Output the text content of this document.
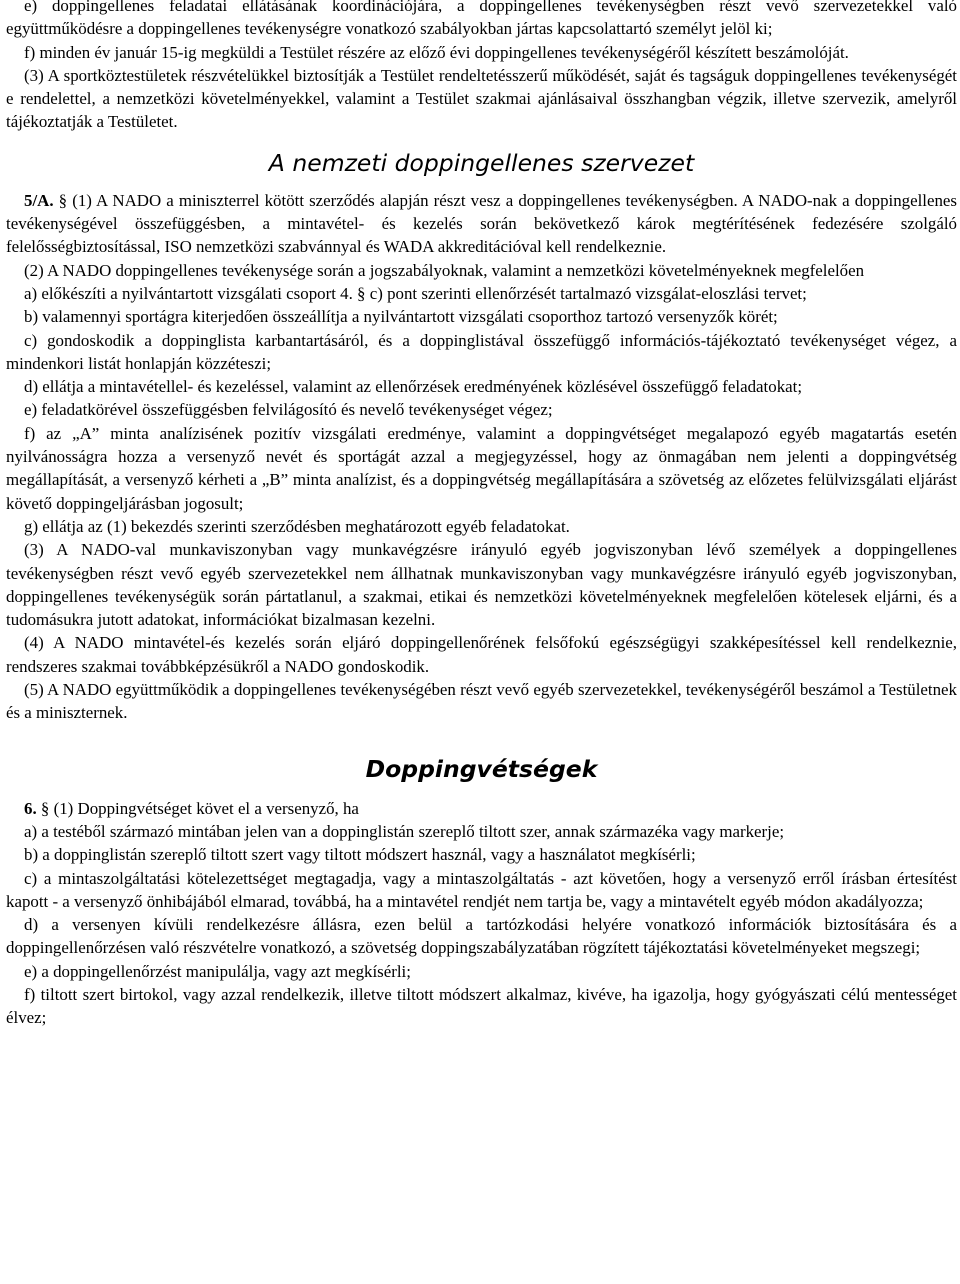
e) doppingellenes feladatai ellátásának koordinációjára, a doppingellenes tevékenységben részt vevő szervezetekkel való együttműködésre a doppingellenes tevékenységre vonatkozó szabályokban jártas kapcsolattartó személyt jelöl ki;

f) minden év január 15-ig megküldi a Testület részére az előző évi doppingellenes tevékenységéről készített beszámolóját.

(3) A sportköztestületek részvételükkel biztosítják a Testület rendeltetésszerű működését, saját és tagságuk doppingellenes tevékenységét e rendelettel, a nemzetközi követelményekkel, valamint a Testület szakmai ajánlásaival összhangban végzik, illetve szervezik, amelyről tájékoztatják a Testületet.

A nemzeti doppingellenes szervezet

5/A. § (1) A NADO a miniszterrel kötött szerződés alapján részt vesz a doppingellenes tevékenységben. A NADO-nak a doppingellenes tevékenységével összefüggésben, a mintavétel- és kezelés során bekövetkező károk megtérítésének fedezésére szolgáló felelősségbiztosítással, ISO nemzetközi szabvánnyal és WADA akkreditációval kell rendelkeznie.

(2) A NADO doppingellenes tevékenysége során a jogszabályoknak, valamint a nemzetközi követelményeknek megfelelően

a) előkészíti a nyilvántartott vizsgálati csoport 4. § c) pont szerinti ellenőrzését tartalmazó vizsgálat-eloszlási tervet;

b) valamennyi sportágra kiterjedően összeállítja a nyilvántartott vizsgálati csoporthoz tartozó versenyzők körét;

c) gondoskodik a doppinglista karbantartásáról, és a doppinglistával összefüggő információs-tájékoztató tevékenységet végez, a mindenkori listát honlapján közzéteszi;

d) ellátja a mintavétellel- és kezeléssel, valamint az ellenőrzések eredményének közlésével összefüggő feladatokat;

e) feladatkörével összefüggésben felvilágosító és nevelő tevékenységet végez;

f) az „A” minta analízisének pozitív vizsgálati eredménye, valamint a doppingvétséget megalapozó egyéb magatartás esetén nyilvánosságra hozza a versenyző nevét és sportágát azzal a megjegyzéssel, hogy az önmagában nem jelenti a doppingvétség megállapítását, a versenyző kérheti a „B” minta analízist, és a doppingvétség megállapítására a szövetség az előzetes felülvizsgálati eljárást követő doppingeljárásban jogosult;

g) ellátja az (1) bekezdés szerinti szerződésben meghatározott egyéb feladatokat.

(3) A NADO-val munkaviszonyban vagy munkavégzésre irányuló egyéb jogviszonyban lévő személyek a doppingellenes tevékenységben részt vevő egyéb szervezetekkel nem állhatnak munkaviszonyban vagy munkavégzésre irányuló egyéb jogviszonyban, doppingellenes tevékenységük során pártatlanul, a szakmai, etikai és nemzetközi követelményeknek megfelelően kötelesek eljárni, és a tudomásukra jutott adatokat, információkat bizalmasan kezelni.

(4) A NADO mintavétel-és kezelés során eljáró doppingellenőrének felsőfokú egészségügyi szakképesítéssel kell rendelkeznie, rendszeres szakmai továbbképzésükről a NADO gondoskodik.

(5) A NADO együttműködik a doppingellenes tevékenységében részt vevő egyéb szervezetekkel, tevékenységéről beszámol a Testületnek és a miniszternek.

Doppingvétségek

6. § (1) Doppingvétséget követ el a versenyző, ha

a) a testéből származó mintában jelen van a doppinglistán szereplő tiltott szer, annak származéka vagy markerje;

b) a doppinglistán szereplő tiltott szert vagy tiltott módszert használ, vagy a használatot megkísérli;

c) a mintaszolgáltatási kötelezettséget megtagadja, vagy a mintaszolgáltatás - azt követően, hogy a versenyző erről írásban értesítést kapott - a versenyző önhibájából elmarad, továbbá, ha a mintavétel rendjét nem tartja be, vagy a mintavételt egyéb módon akadályozza;

d) a versenyen kívüli rendelkezésre állásra, ezen belül a tartózkodási helyére vonatkozó információk biztosítására és a doppingellenőrzésen való részvételre vonatkozó, a szövetség doppingszabályzatában rögzített tájékoztatási követelményeket megszegi;

e) a doppingellenőrzést manipulálja, vagy azt megkísérli;

f) tiltott szert birtokol, vagy azzal rendelkezik, illetve tiltott módszert alkalmaz, kivéve, ha igazolja, hogy gyógyászati célú mentességet élvez;
